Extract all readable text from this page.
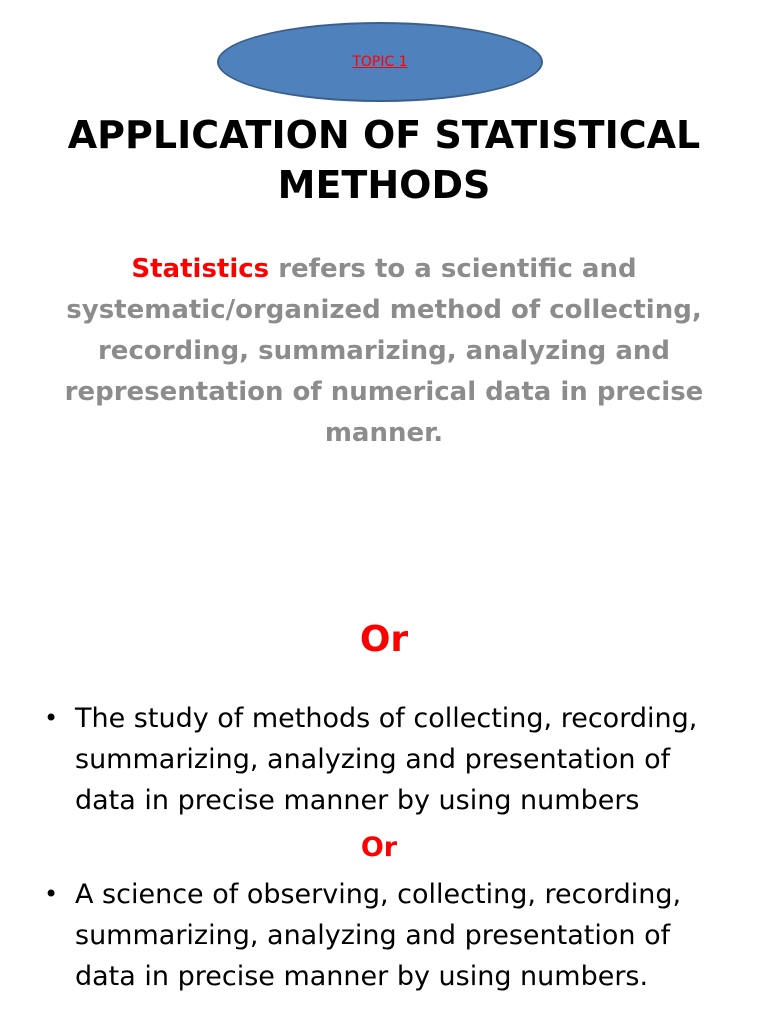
TOPIC 1
APPLICATION OF STATISTICAL METHODS

Statistics refers to a scientific and systematic/organized method of collecting, recording, summarizing, analyzing and representation of numerical data in precise manner.

Or
• The study of methods of collecting, recording, summarizing, analyzing and presentation of data in precise manner by using numbers
Or
• A science of observing, collecting, recording, summarizing, analyzing and presentation of data in precise manner by using numbers.
